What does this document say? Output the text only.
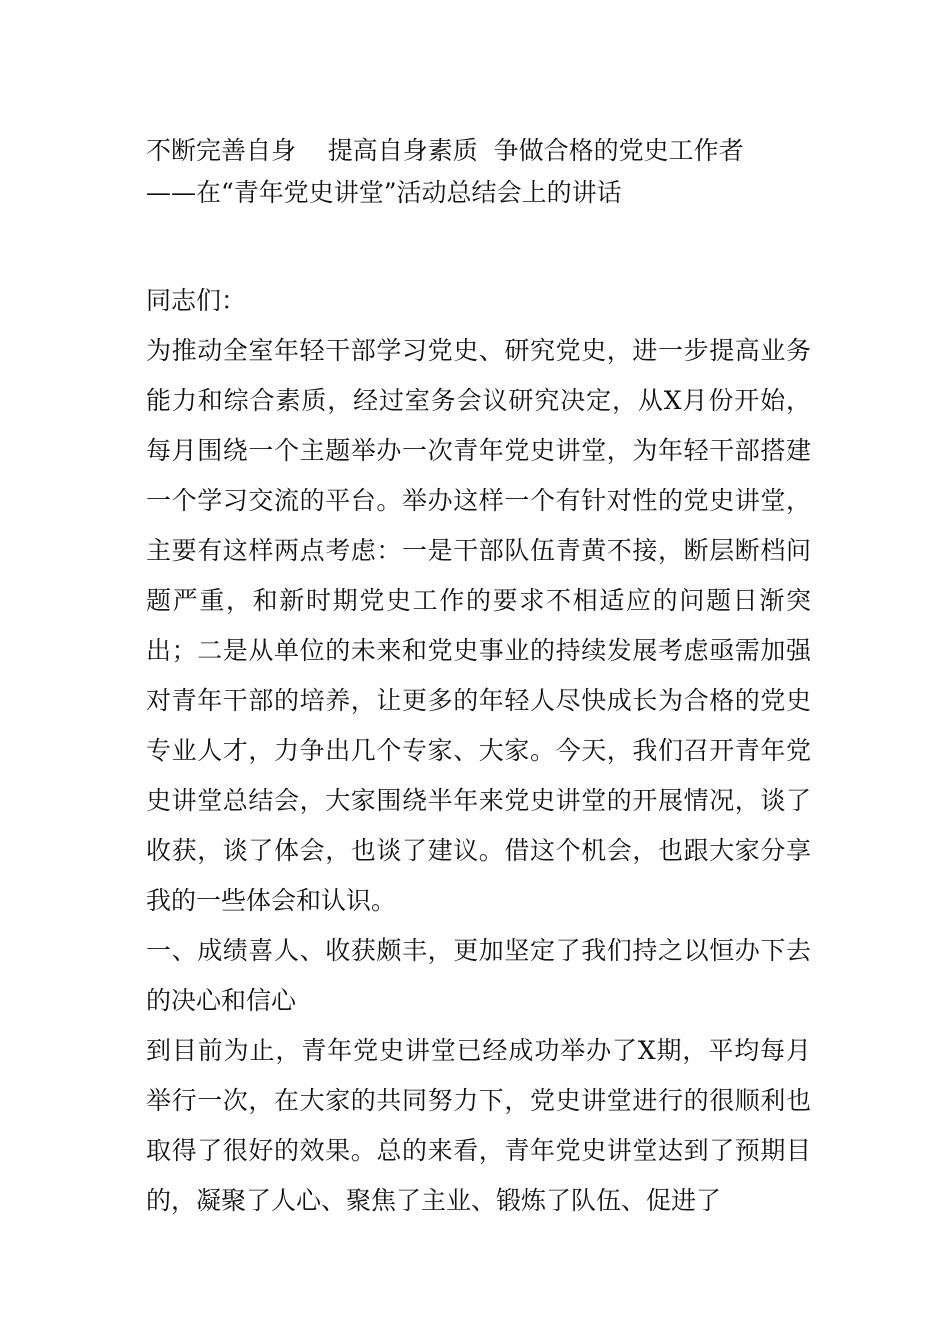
不断完善自身    提高自身素质  争做合格的党史工作者

——在“青年党史讲堂”活动总结会上的讲话

同志们：

为推动全室年轻干部学习党史、研究党史，进一步提高业务能力和综合素质，经过室务会议研究决定，从X月份开始，每月围绕一个主题举办一次青年党史讲堂，为年轻干部搭建一个学习交流的平台。举办这样一个有针对性的党史讲堂，主要有这样两点考虑：一是干部队伍青黄不接，断层断档问题严重，和新时期党史工作的要求不相适应的问题日渐突出；二是从单位的未来和党史事业的持续发展考虑亟需加强对青年干部的培养，让更多的年轻人尽快成长为合格的党史专业人才，力争出几个专家、大家。今天，我们召开青年党史讲堂总结会，大家围绕半年来党史讲堂的开展情况，谈了收获，谈了体会，也谈了建议。借这个机会，也跟大家分享我的一些体会和认识。

一、成绩喜人、收获颇丰，更加坚定了我们持之以恒办下去的决心和信心

到目前为止，青年党史讲堂已经成功举办了X期，平均每月举行一次，在大家的共同努力下，党史讲堂进行的很顺利也取得了很好的效果。总的来看，青年党史讲堂达到了预期目的，凝聚了人心、聚焦了主业、锻炼了队伍、促进了
